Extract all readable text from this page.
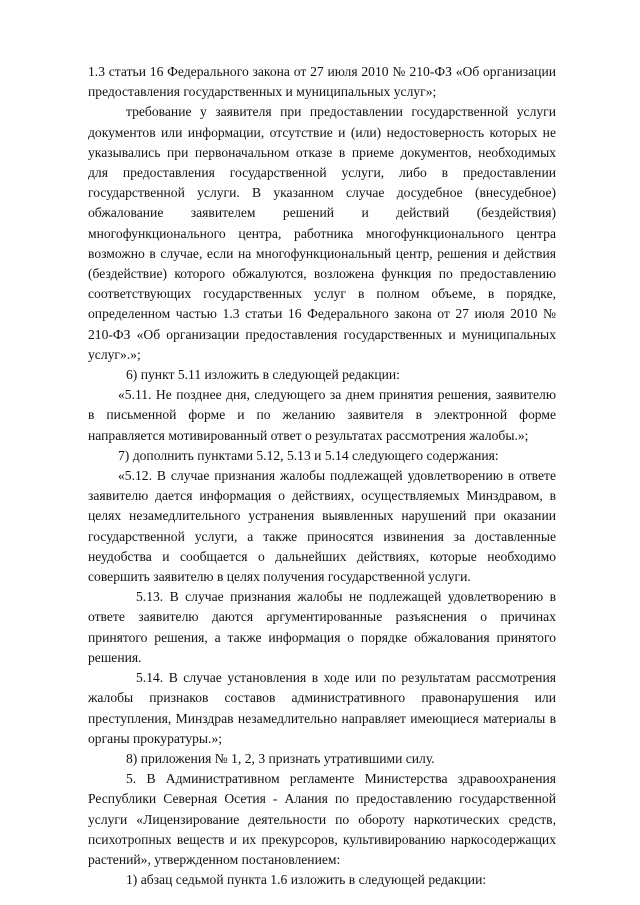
1.3 статьи 16 Федерального закона от 27 июля 2010 № 210-ФЗ «Об организации предоставления государственных и муниципальных услуг»;

требование у заявителя при предоставлении государственной услуги документов или информации, отсутствие и (или) недостоверность которых не указывались при первоначальном отказе в приеме документов, необходимых для предоставления государственной услуги, либо в предоставлении государственной услуги. В указанном случае досудебное (внесудебное) обжалование заявителем решений и действий (бездействия) многофункционального центра, работника многофункционального центра возможно в случае, если на многофункциональный центр, решения и действия (бездействие) которого обжалуются, возложена функция по предоставлению соответствующих государственных услуг в полном объеме, в порядке, определенном частью 1.3 статьи 16 Федерального закона от 27 июля 2010 № 210-ФЗ «Об организации предоставления государственных и муниципальных услуг».»;

6) пункт 5.11 изложить в следующей редакции:

«5.11. Не позднее дня, следующего за днем принятия решения, заявителю в письменной форме и по желанию заявителя в электронной форме направляется мотивированный ответ о результатах рассмотрения жалобы.»;

7) дополнить пунктами 5.12, 5.13 и 5.14 следующего содержания:

«5.12. В случае признания жалобы подлежащей удовлетворению в ответе заявителю дается информация о действиях, осуществляемых Минздравом, в целях незамедлительного устранения выявленных нарушений при оказании государственной услуги, а также приносятся извинения за доставленные неудобства и сообщается о дальнейших действиях, которые необходимо совершить заявителю в целях получения государственной услуги.

5.13. В случае признания жалобы не подлежащей удовлетворению в ответе заявителю даются аргументированные разъяснения о причинах принятого решения, а также информация о порядке обжалования принятого решения.

5.14. В случае установления в ходе или по результатам рассмотрения жалобы признаков составов административного правонарушения или преступления, Минздрав незамедлительно направляет имеющиеся материалы в органы прокуратуры.»;

8) приложения № 1, 2, 3 признать утратившими силу.

5. В Административном регламенте Министерства здравоохранения Республики Северная Осетия - Алания по предоставлению государственной услуги «Лицензирование деятельности по обороту наркотических средств, психотропных веществ и их прекурсоров, культивированию наркосодержащих растений», утвержденном постановлением:

1) абзац седьмой пункта 1.6 изложить в следующей редакции:
